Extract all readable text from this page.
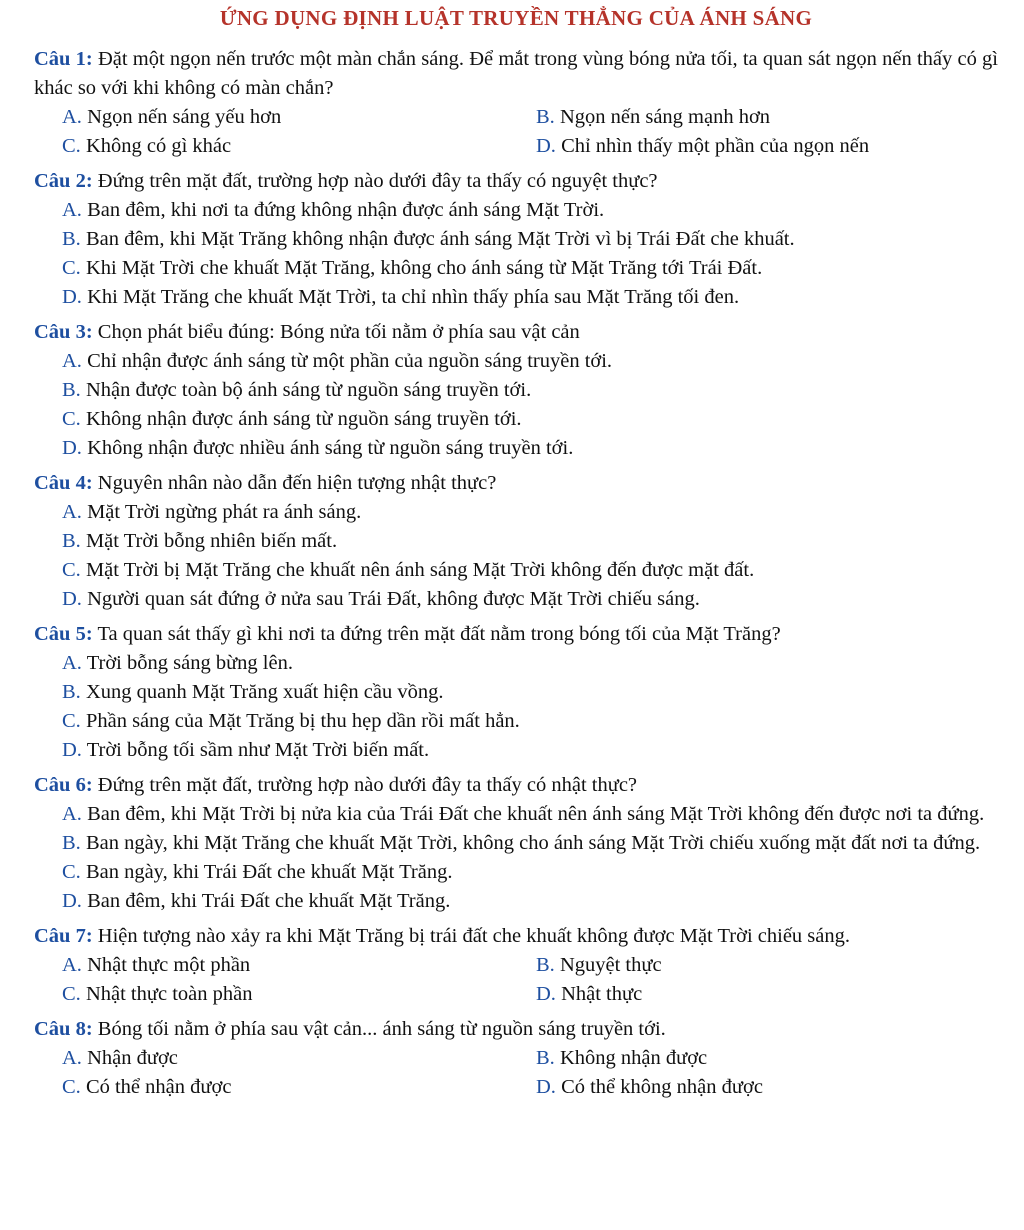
ỨNG DỤNG ĐỊNH LUẬT TRUYỀN THẲNG CỦA ÁNH SÁNG
Câu 1: Đặt một ngọn nến trước một màn chắn sáng. Để mắt trong vùng bóng nửa tối, ta quan sát ngọn nến thấy có gì khác so với khi không có màn chắn?
A. Ngọn nến sáng yếu hơn	B. Ngọn nến sáng mạnh hơn
C. Không có gì khác	D. Chỉ nhìn thấy một phần của ngọn nến
Câu 2: Đứng trên mặt đất, trường hợp nào dưới đây ta thấy có nguyệt thực?
A. Ban đêm, khi nơi ta đứng không nhận được ánh sáng Mặt Trời.
B. Ban đêm, khi Mặt Trăng không nhận được ánh sáng Mặt Trời vì bị Trái Đất che khuất.
C. Khi Mặt Trời che khuất Mặt Trăng, không cho ánh sáng từ Mặt Trăng tới Trái Đất.
D. Khi Mặt Trăng che khuất Mặt Trời, ta chỉ nhìn thấy phía sau Mặt Trăng tối đen.
Câu 3: Chọn phát biểu đúng: Bóng nửa tối nằm ở phía sau vật cản
A. Chỉ nhận được ánh sáng từ một phần của nguồn sáng truyền tới.
B. Nhận được toàn bộ ánh sáng từ nguồn sáng truyền tới.
C. Không nhận được ánh sáng từ nguồn sáng truyền tới.
D. Không nhận được nhiều ánh sáng từ nguồn sáng truyền tới.
Câu 4: Nguyên nhân nào dẫn đến hiện tượng nhật thực?
A. Mặt Trời ngừng phát ra ánh sáng.
B. Mặt Trời bỗng nhiên biến mất.
C. Mặt Trời bị Mặt Trăng che khuất nên ánh sáng Mặt Trời không đến được mặt đất.
D. Người quan sát đứng ở nửa sau Trái Đất, không được Mặt Trời chiếu sáng.
Câu 5: Ta quan sát thấy gì khi nơi ta đứng trên mặt đất nằm trong bóng tối của Mặt Trăng?
A. Trời bỗng sáng bừng lên.
B. Xung quanh Mặt Trăng xuất hiện cầu vồng.
C. Phần sáng của Mặt Trăng bị thu hẹp dần rồi mất hẳn.
D. Trời bỗng tối sầm như Mặt Trời biến mất.
Câu 6: Đứng trên mặt đất, trường hợp nào dưới đây ta thấy có nhật thực?
A. Ban đêm, khi Mặt Trời bị nửa kia của Trái Đất che khuất nên ánh sáng Mặt Trời không đến được nơi ta đứng.
B. Ban ngày, khi Mặt Trăng che khuất Mặt Trời, không cho ánh sáng Mặt Trời chiếu xuống mặt đất nơi ta đứng.
C. Ban ngày, khi Trái Đất che khuất Mặt Trăng.
D. Ban đêm, khi Trái Đất che khuất Mặt Trăng.
Câu 7: Hiện tượng nào xảy ra khi Mặt Trăng bị trái đất che khuất không được Mặt Trời chiếu sáng.
A. Nhật thực một phần	B. Nguyệt thực
C. Nhật thực toàn phần	D. Nhật thực
Câu 8: Bóng tối nằm ở phía sau vật cản... ánh sáng từ nguồn sáng truyền tới.
A. Nhận được	B. Không nhận được
C. Có thể nhận được	D. Có thể không nhận được
